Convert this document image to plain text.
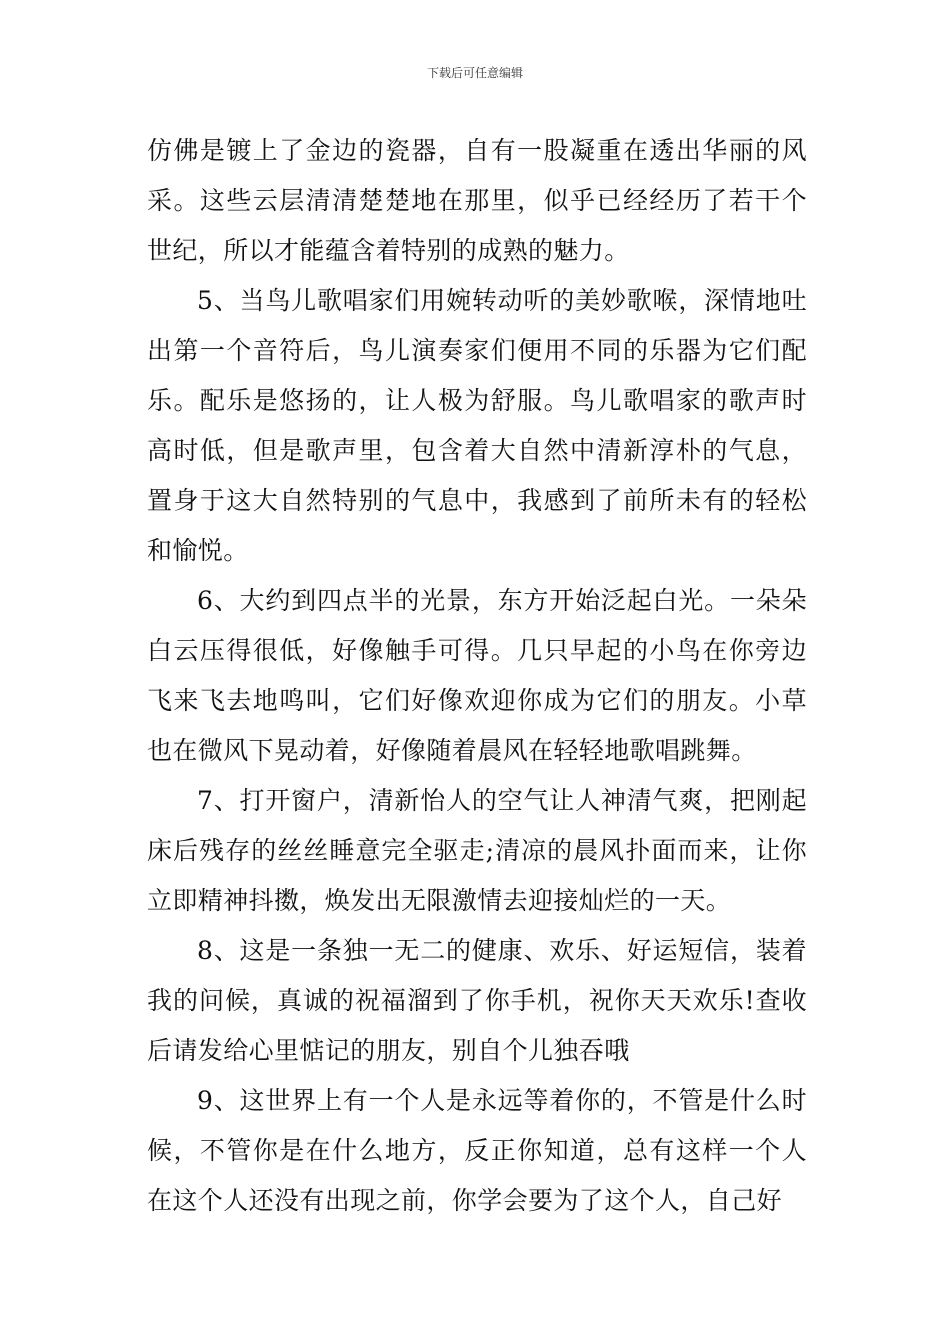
下载后可任意编辑

仿佛是镀上了金边的瓷器，自有一股凝重在透出华丽的风采。这些云层清清楚楚地在那里，似乎已经经历了若干个世纪，所以才能蕴含着特别的成熟的魅力。

5、当鸟儿歌唱家们用婉转动听的美妙歌喉，深情地吐出第一个音符后，鸟儿演奏家们便用不同的乐器为它们配乐。配乐是悠扬的，让人极为舒服。鸟儿歌唱家的歌声时高时低，但是歌声里，包含着大自然中清新淳朴的气息，置身于这大自然特别的气息中，我感到了前所未有的轻松和愉悦。

6、大约到四点半的光景，东方开始泛起白光。一朵朵白云压得很低，好像触手可得。几只早起的小鸟在你旁边飞来飞去地鸣叫，它们好像欢迎你成为它们的朋友。小草也在微风下晃动着，好像随着晨风在轻轻地歌唱跳舞。

7、打开窗户，清新怡人的空气让人神清气爽，把刚起床后残存的丝丝睡意完全驱走;清凉的晨风扑面而来，让你立即精神抖擞，焕发出无限激情去迎接灿烂的一天。

8、这是一条独一无二的健康、欢乐、好运短信，装着我的问候，真诚的祝福溜到了你手机，祝你天天欢乐!查收后请发给心里惦记的朋友，别自个儿独吞哦

9、这世界上有一个人是永远等着你的，不管是什么时候，不管你是在什么地方，反正你知道，总有这样一个人在这个人还没有出现之前，你学会要为了这个人，自己好
